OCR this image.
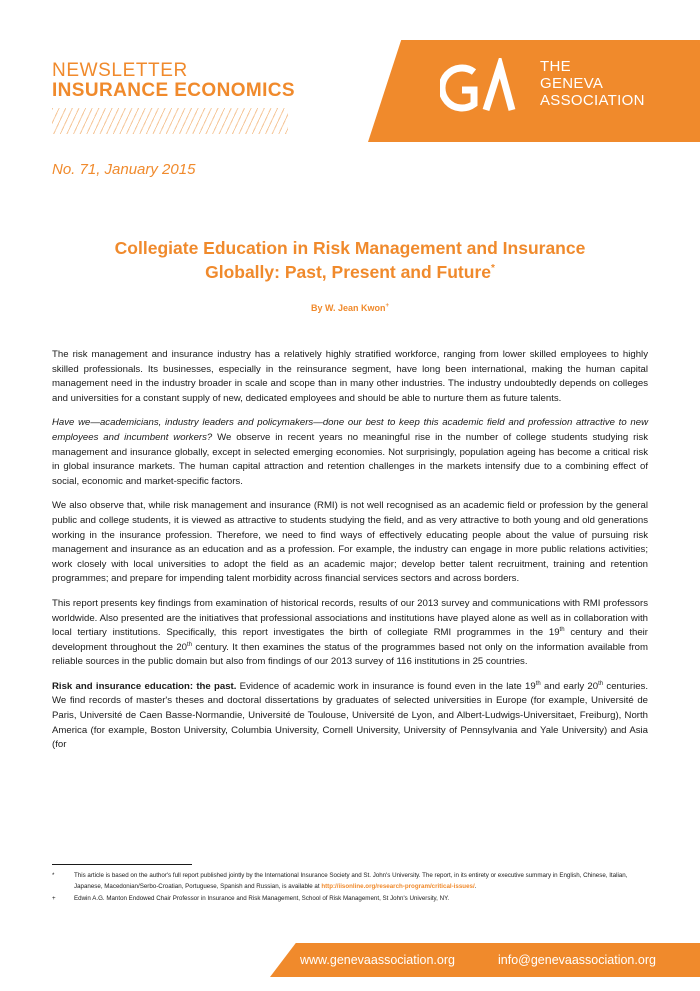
NEWSLETTER
INSURANCE ECONOMICS
THE
GENEVA
ASSOCIATION
No. 71, January 2015
Collegiate Education in Risk Management and Insurance
Globally: Past, Present and Future*
By W. Jean Kwon+

The risk management and insurance industry has a relatively highly stratified workforce, ranging from lower skilled employees to highly skilled professionals. Its businesses, especially in the reinsurance segment, have long been international, making the human capital management need in the industry broader in scale and scope than in many other industries. The industry undoubtedly depends on colleges and universities for a constant supply of new, dedicated employees and should be able to nurture them as future talents.

Have we—academicians, industry leaders and policymakers—done our best to keep this academic field and profession attractive to new employees and incumbent workers? We observe in recent years no meaningful rise in the number of college students studying risk management and insurance globally, except in selected emerging economies. Not surprisingly, population ageing has become a critical risk in global insurance markets. The human capital attraction and retention challenges in the markets intensify due to a combining effect of social, economic and market-specific factors.

We also observe that, while risk management and insurance (RMI) is not well recognised as an academic field or profession by the general public and college students, it is viewed as attractive to students studying the field, and as very attractive to both young and old generations working in the insurance profession. Therefore, we need to find ways of effectively educating people about the value of pursuing risk management and insurance as an education and as a profession. For example, the industry can engage in more public relations activities; work closely with local universities to adopt the field as an academic major; develop better talent recruitment, training and retention programmes; and prepare for impending talent morbidity across financial services sectors and across borders.

This report presents key findings from examination of historical records, results of our 2013 survey and communications with RMI professors worldwide. Also presented are the initiatives that professional associations and institutions have played alone as well as in collaboration with local tertiary institutions. Specifically, this report investigates the birth of collegiate RMI programmes in the 19th century and their development throughout the 20th century. It then examines the status of the programmes based not only on the information available from reliable sources in the public domain but also from findings of our 2013 survey of 116 institutions in 25 countries.

Risk and insurance education: the past. Evidence of academic work in insurance is found even in the late 19th and early 20th centuries. We find records of master's theses and doctoral dissertations by graduates of selected universities in Europe (for example, Université de Paris, Université de Caen Basse-Normandie, Université de Toulouse, Université de Lyon, and Albert-Ludwigs-Universitaet, Freiburg), North America (for example, Boston University, Columbia University, Cornell University, University of Pennsylvania and Yale University) and Asia (for

*	This article is based on the author's full report published jointly by the International Insurance Society and St. John's University. The report, in its entirety or executive summary in English, Chinese, Italian, Japanese, Macedonian/Serbo-Croatian, Portuguese, Spanish and Russian, is available at http://iisonline.org/research-program/critical-issues/.
+	Edwin A.G. Manton Endowed Chair Professor in Insurance and Risk Management, School of Risk Management, St John's University, NY.
www.genevaassociation.org	info@genevaassociation.org
